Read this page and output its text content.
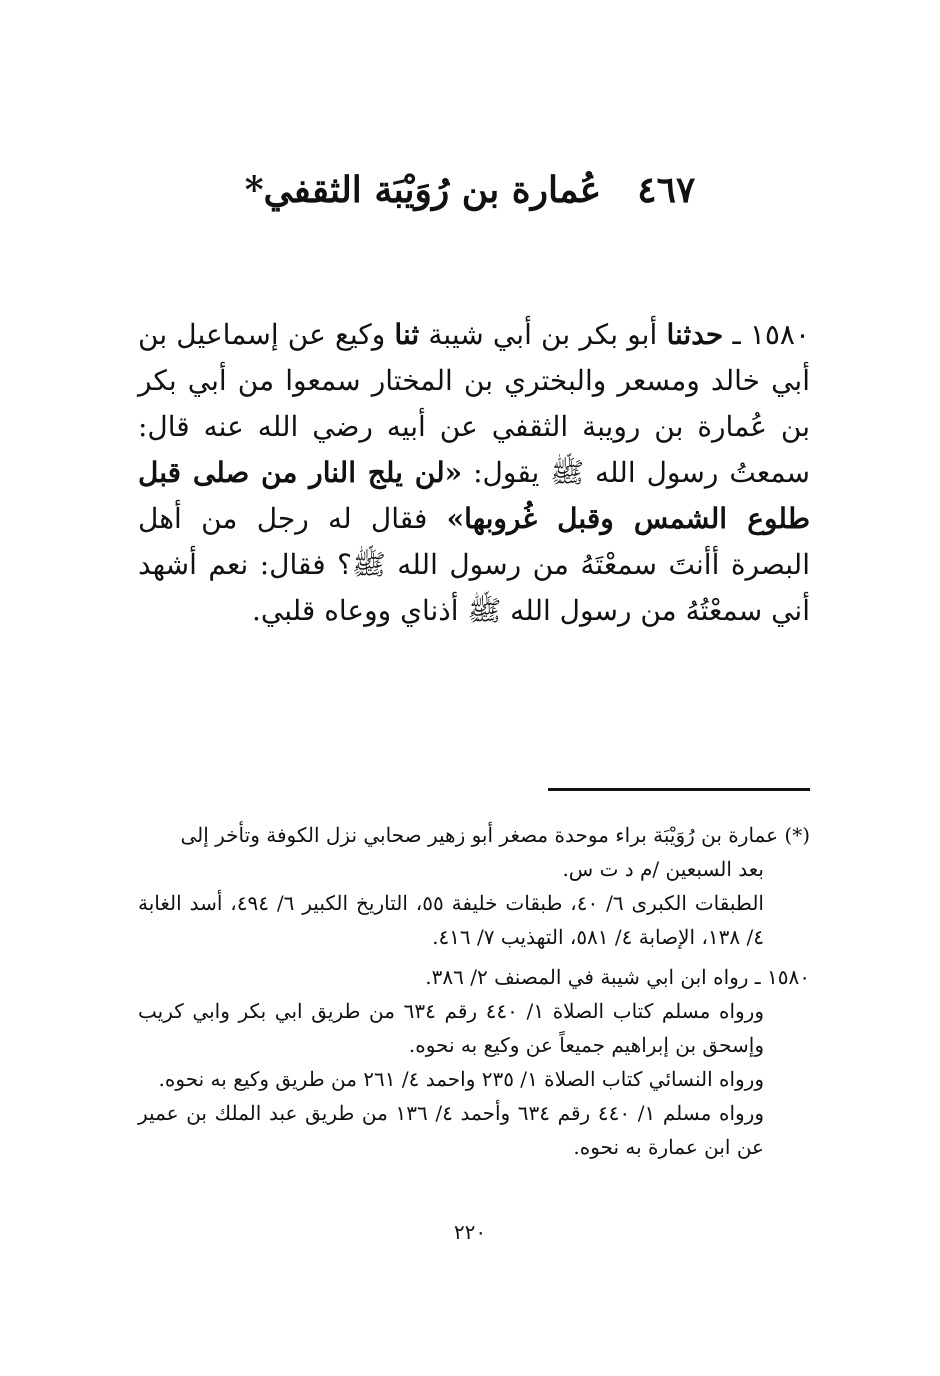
٤٦٧عُمارة بن رُوَيْبَة الثقفي*

١٥٨٠ ـ حدثنا أبو بكر بن أبي شيبة ثنا وكيع عن إسماعيل بن أبي خالد ومسعر والبختري بن المختار سمعوا من أبي بكر بن عُمارة بن رويبة الثقفي عن أبيه رضي الله عنه قال: سمعتُ رسول الله ﷺ يقول: «لن يلج النار من صلى قبل طلوع الشمس وقبل غُروبها» فقال له رجل من أهل البصرة أأنتَ سمعْتَهُ من رسول الله ﷺ؟ فقال: نعم أشهد أني سمعْتُهُ من رسول الله ﷺ أذناي ووعاه قلبي.

(*) عمارة بن رُوَيْبَة براء موحدة مصغر أبو زهير صحابي نزل الكوفة وتأخر إلى

بعد السبعين /م د ت س.

الطبقات الكبرى ٦/ ٤٠، طبقات خليفة ٥٥، التاريخ الكبير ٦/ ٤٩٤، أسد الغابة ٤/ ١٣٨، الإصابة ٤/ ٥٨١، التهذيب ٧/ ٤١٦.

١٥٨٠ ـ رواه ابن ابي شيبة في المصنف ٢/ ٣٨٦.

ورواه مسلم كتاب الصلاة ١/ ٤٤٠ رقم ٦٣٤ من طريق ابي بكر وابي كريب وإسحق بن إبراهيم جميعاً عن وكيع به نحوه.

ورواه النسائي كتاب الصلاة ١/ ٢٣٥ واحمد ٤/ ٢٦١ من طريق وكيع به نحوه.

ورواه مسلم ١/ ٤٤٠ رقم ٦٣٤ وأحمد ٤/ ١٣٦ من طريق عبد الملك بن عمير عن ابن عمارة به نحوه.

٢٢٠
